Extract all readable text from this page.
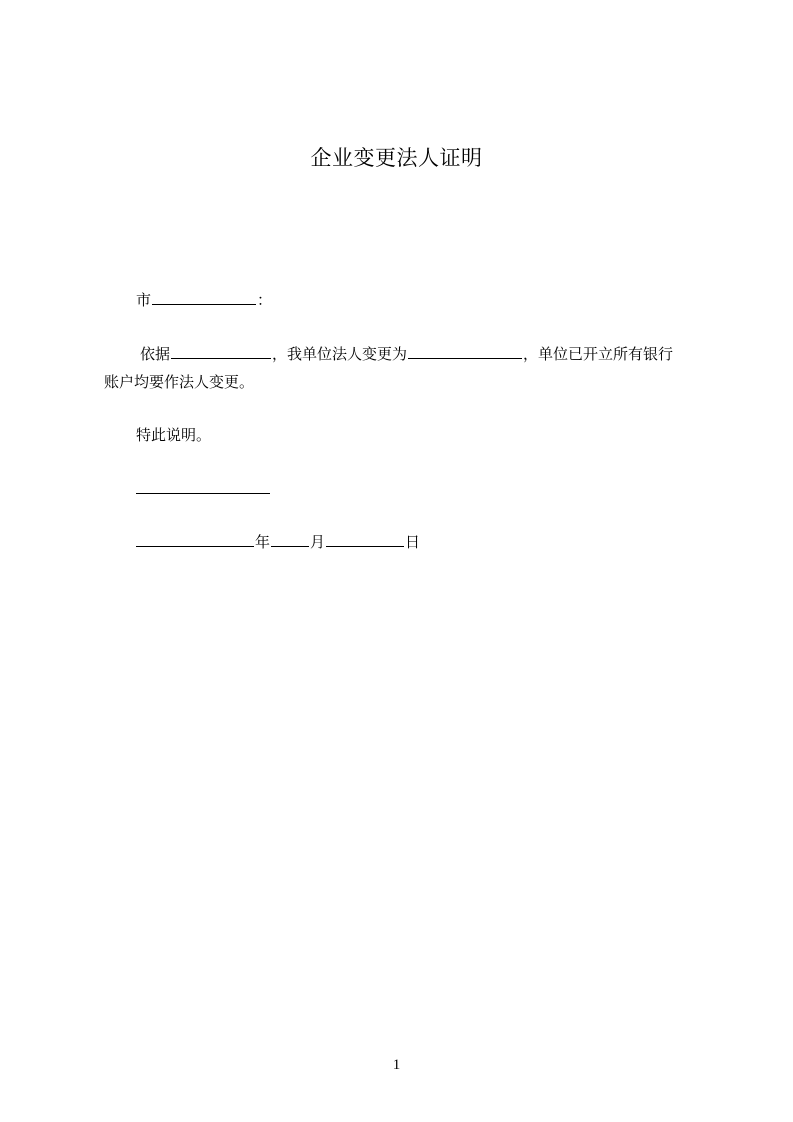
企业变更法人证明
市	：
依据	，我单位法人变更为	，单位已开立所有银行
账户均要作法人变更。
特此说明。
年	月	日
1
